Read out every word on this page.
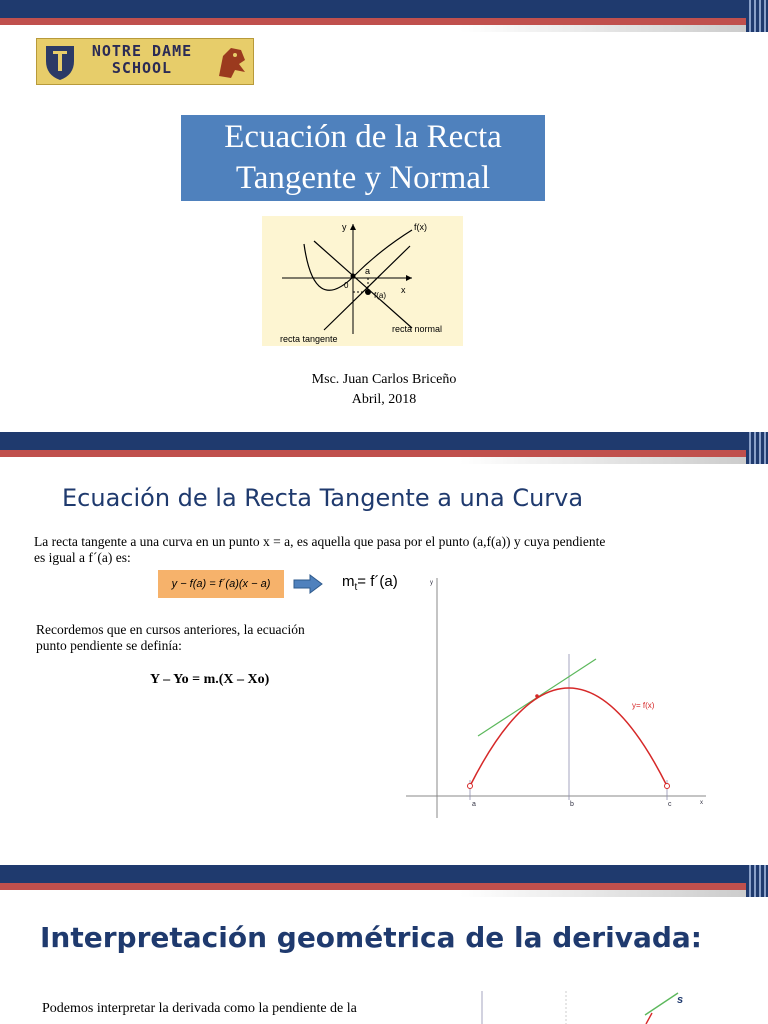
NOTRE DAME
SCHOOL
Ecuación de la Recta
Tangente y Normal
y	f(x)
a
0	x
f(a)
recta tangente
recta normal
Msc. Juan Carlos Briceño
Abril, 2018
Ecuación de la Recta Tangente a una Curva
La recta tangente a una curva en un punto x = a, es aquella que pasa por el punto (a,f(a)) y cuya pendiente
es igual a f´(a) es:
y − f(a) = f´(a)(x − a)	$m_t=$ f´(a)
Recordemos que en cursos anteriores, la ecuación
punto pendiente se definía:
Y – Yo = m.(X – Xo)
y= f(x)
a	b	c	x
y
Interpretación geométrica de la derivada:
Podemos interpretar la derivada como la pendiente de la
s
